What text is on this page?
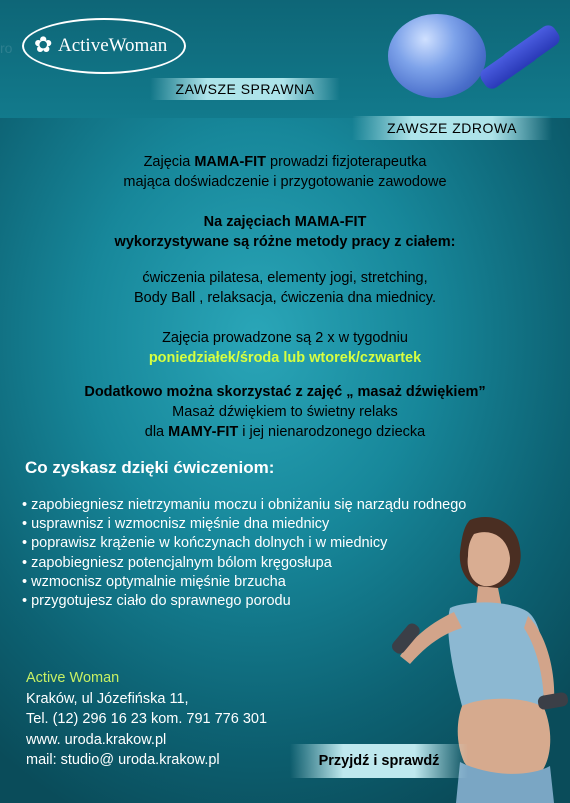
ro ✿ ActiveWoman
ZAWSZE SPRAWNA
ZAWSZE ZDROWA
Zajęcia MAMA-FIT prowadzi fizjoterapeutka
mająca doświadczenie i przygotowanie zawodowe
Na zajęciach MAMA-FIT
wykorzystywane są różne metody pracy z ciałem:
ćwiczenia pilatesa, elementy jogi, stretching,
Body Ball , relaksacja, ćwiczenia dna miednicy.
Zajęcia prowadzone są 2 x w tygodniu
poniedziałek/środa lub wtorek/czwartek
Dodatkowo można skorzystać z zajęć „ masaż dźwiękiem”
Masaż dźwiękiem to świetny relaks
dla MAMY-FIT i jej nienarodzonego dziecka
Co zyskasz dzięki ćwiczeniom:
• zapobiegniesz nietrzymaniu moczu i obniżaniu się narządu rodnego
• usprawnisz i wzmocnisz mięśnie dna miednicy
• poprawisz krążenie w kończynach dolnych i w miednicy
• zapobiegniesz potencjalnym bólom kręgosłupa
• wzmocnisz optymalnie mięśnie brzucha
• przygotujesz ciało do sprawnego porodu
Active Woman
Kraków, ul Józefińska 11,
Tel. (12) 296 16 23 kom. 791 776 301
www. uroda.krakow.pl
mail: studio@ uroda.krakow.pl	Przyjdź i sprawdź
